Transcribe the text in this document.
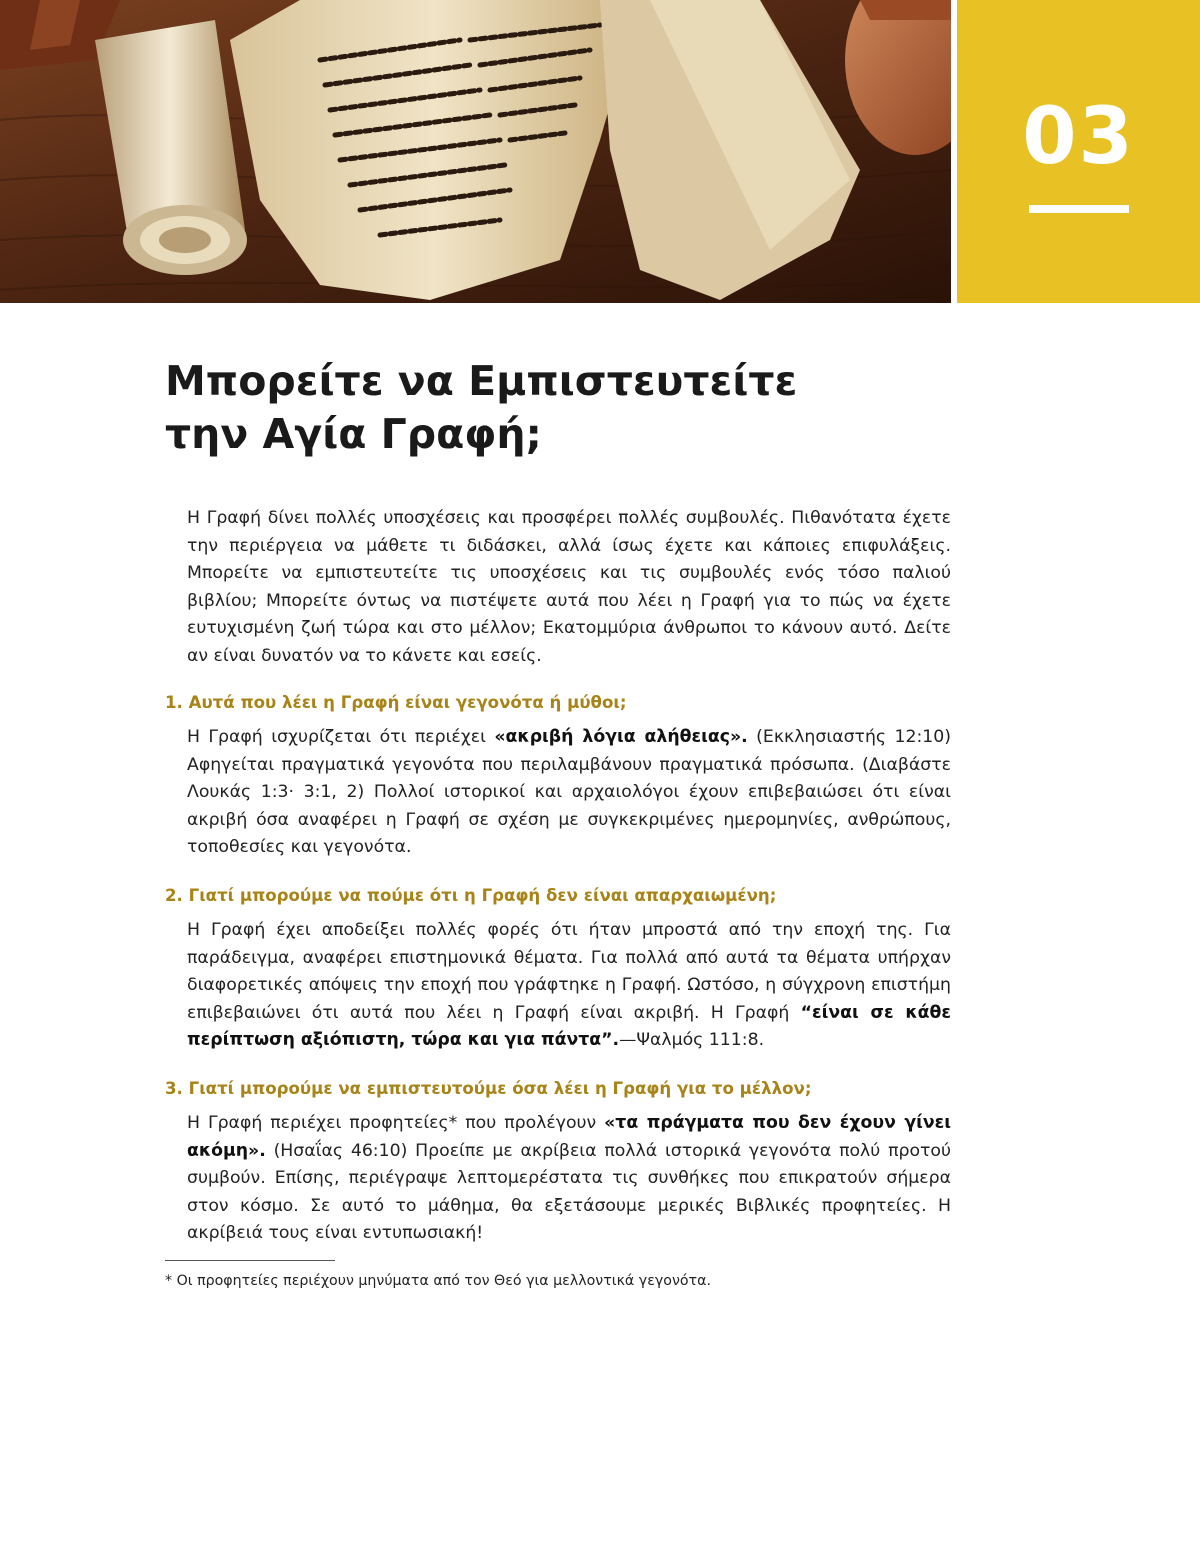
03
Μπορείτε να Εμπιστευτείτε
την Αγία Γραφή;

Η Γραφή δίνει πολλές υποσχέσεις και προσφέρει πολλές συμβουλές. Πιθανότατα έχετε την περιέργεια να μάθετε τι διδάσκει, αλλά ίσως έχετε και κάποιες επιφυλάξεις. Μπορείτε να εμπιστευτείτε τις υποσχέσεις και τις συμβουλές ενός τόσο παλιού βιβλίου; Μπορείτε όντως να πιστέψετε αυτά που λέει η Γραφή για το πώς να έχετε ευτυχισμένη ζωή τώρα και στο μέλλον; Εκατομμύρια άνθρωποι το κάνουν αυτό. Δείτε αν είναι δυνατόν να το κάνετε και εσείς.

1. Αυτά που λέει η Γραφή είναι γεγονότα ή μύθοι;

Η Γραφή ισχυρίζεται ότι περιέχει «ακριβή λόγια αλήθειας». (Εκκλησιαστής 12:10) Αφηγείται πραγματικά γεγονότα που περιλαμβάνουν πραγματικά πρόσωπα. (Διαβάστε Λουκάς 1:3· 3:1, 2) Πολλοί ιστορικοί και αρχαιολόγοι έχουν επιβεβαιώσει ότι είναι ακριβή όσα αναφέρει η Γραφή σε σχέση με συγκεκριμένες ημερομηνίες, ανθρώπους, τοποθεσίες και γεγονότα.

2. Γιατί μπορούμε να πούμε ότι η Γραφή δεν είναι απαρχαιωμένη;

Η Γραφή έχει αποδείξει πολλές φορές ότι ήταν μπροστά από την εποχή της. Για παράδειγμα, αναφέρει επιστημονικά θέματα. Για πολλά από αυτά τα θέματα υπήρχαν διαφορετικές απόψεις την εποχή που γράφτηκε η Γραφή. Ωστόσο, η σύγχρονη επιστήμη επιβεβαιώνει ότι αυτά που λέει η Γραφή είναι ακριβή. Η Γραφή “είναι σε κάθε περίπτωση αξιόπιστη, τώρα και για πάντα”.—Ψαλμός 111:8.

3. Γιατί μπορούμε να εμπιστευτούμε όσα λέει η Γραφή για το μέλλον;

Η Γραφή περιέχει προφητείες* που προλέγουν «τα πράγματα που δεν έχουν γίνει ακόμη». (Ησαΐας 46:10) Προείπε με ακρίβεια πολλά ιστορικά γεγονότα πολύ προτού συμβούν. Επίσης, περιέγραψε λεπτομερέστατα τις συνθήκες που επικρατούν σήμερα στον κόσμο. Σε αυτό το μάθημα, θα εξετάσουμε μερικές Βιβλικές προφητείες. Η ακρίβειά τους είναι εντυπωσιακή!

* Οι προφητείες περιέχουν μηνύματα από τον Θεό για μελλοντικά γεγονότα.
